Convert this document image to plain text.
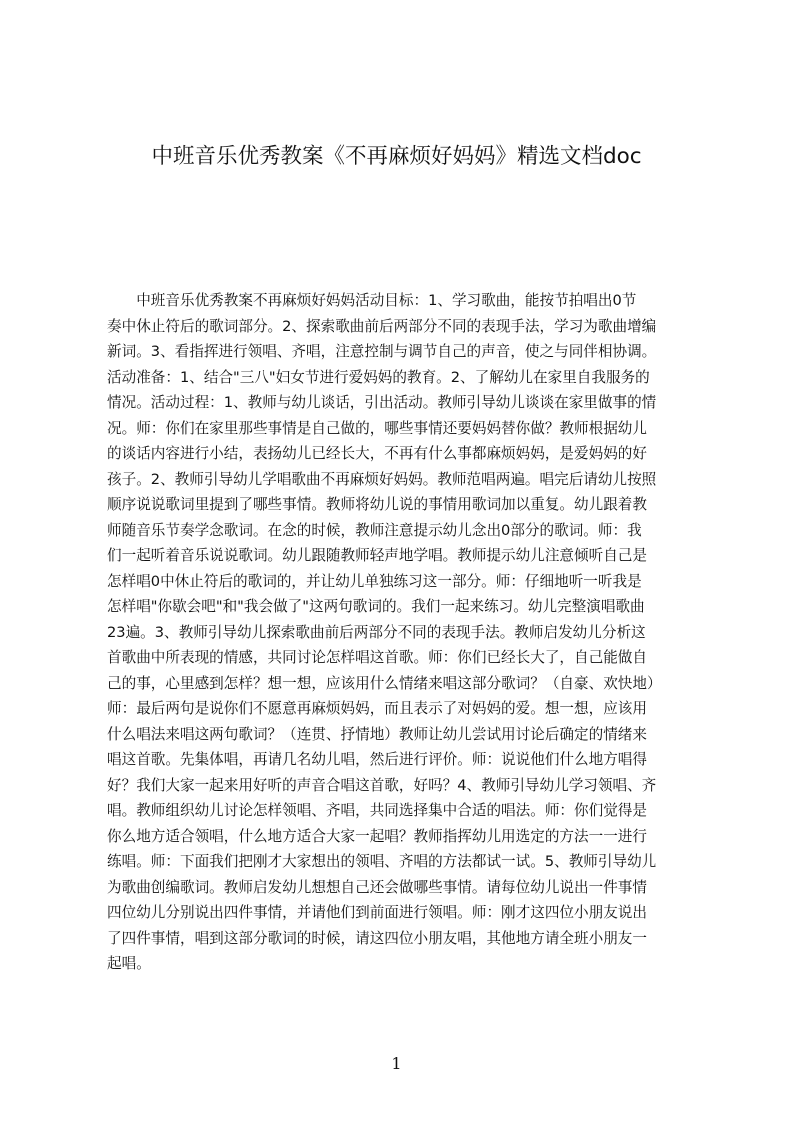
中班音乐优秀教案《不再麻烦好妈妈》精选文档doc
　　中班音乐优秀教案不再麻烦好妈妈活动目标：1、学习歌曲，能按节拍唱出0节
奏中休止符后的歌词部分。2、探索歌曲前后两部分不同的表现手法，学习为歌曲增编
新词。3、看指挥进行领唱、齐唱，注意控制与调节自己的声音，使之与同伴相协调。
活动准备：1、结合"三八"妇女节进行爱妈妈的教育。2、了解幼儿在家里自我服务的
情况。活动过程：1、教师与幼儿谈话，引出活动。教师引导幼儿谈谈在家里做事的情
况。师：你们在家里那些事情是自己做的，哪些事情还要妈妈替你做？教师根据幼儿
的谈话内容进行小结，表扬幼儿已经长大，不再有什么事都麻烦妈妈，是爱妈妈的好
孩子。2、教师引导幼儿学唱歌曲不再麻烦好妈妈。教师范唱两遍。唱完后请幼儿按照
顺序说说歌词里提到了哪些事情。教师将幼儿说的事情用歌词加以重复。幼儿跟着教
师随音乐节奏学念歌词。在念的时候，教师注意提示幼儿念出0部分的歌词。师：我
们一起听着音乐说说歌词。幼儿跟随教师轻声地学唱。教师提示幼儿注意倾听自己是
怎样唱0中休止符后的歌词的，并让幼儿单独练习这一部分。师：仔细地听一听我是
怎样唱"你歇会吧"和"我会做了"这两句歌词的。我们一起来练习。幼儿完整演唱歌曲
23遍。3、教师引导幼儿探索歌曲前后两部分不同的表现手法。教师启发幼儿分析这
首歌曲中所表现的情感，共同讨论怎样唱这首歌。师：你们已经长大了，自己能做自
己的事，心里感到怎样？想一想，应该用什么情绪来唱这部分歌词？（自豪、欢快地）
师：最后两句是说你们不愿意再麻烦妈妈，而且表示了对妈妈的爱。想一想，应该用
什么唱法来唱这两句歌词？（连贯、抒情地）教师让幼儿尝试用讨论后确定的情绪来
唱这首歌。先集体唱，再请几名幼儿唱，然后进行评价。师：说说他们什么地方唱得
好？我们大家一起来用好听的声音合唱这首歌，好吗？4、教师引导幼儿学习领唱、齐
唱。教师组织幼儿讨论怎样领唱、齐唱，共同选择集中合适的唱法。师：你们觉得是
你么地方适合领唱，什么地方适合大家一起唱？教师指挥幼儿用选定的方法一一进行
练唱。师：下面我们把刚才大家想出的领唱、齐唱的方法都试一试。5、教师引导幼儿
为歌曲创编歌词。教师启发幼儿想想自己还会做哪些事情。请每位幼儿说出一件事情
四位幼儿分别说出四件事情，并请他们到前面进行领唱。师：刚才这四位小朋友说出
了四件事情，唱到这部分歌词的时候，请这四位小朋友唱，其他地方请全班小朋友一
起唱。
1
